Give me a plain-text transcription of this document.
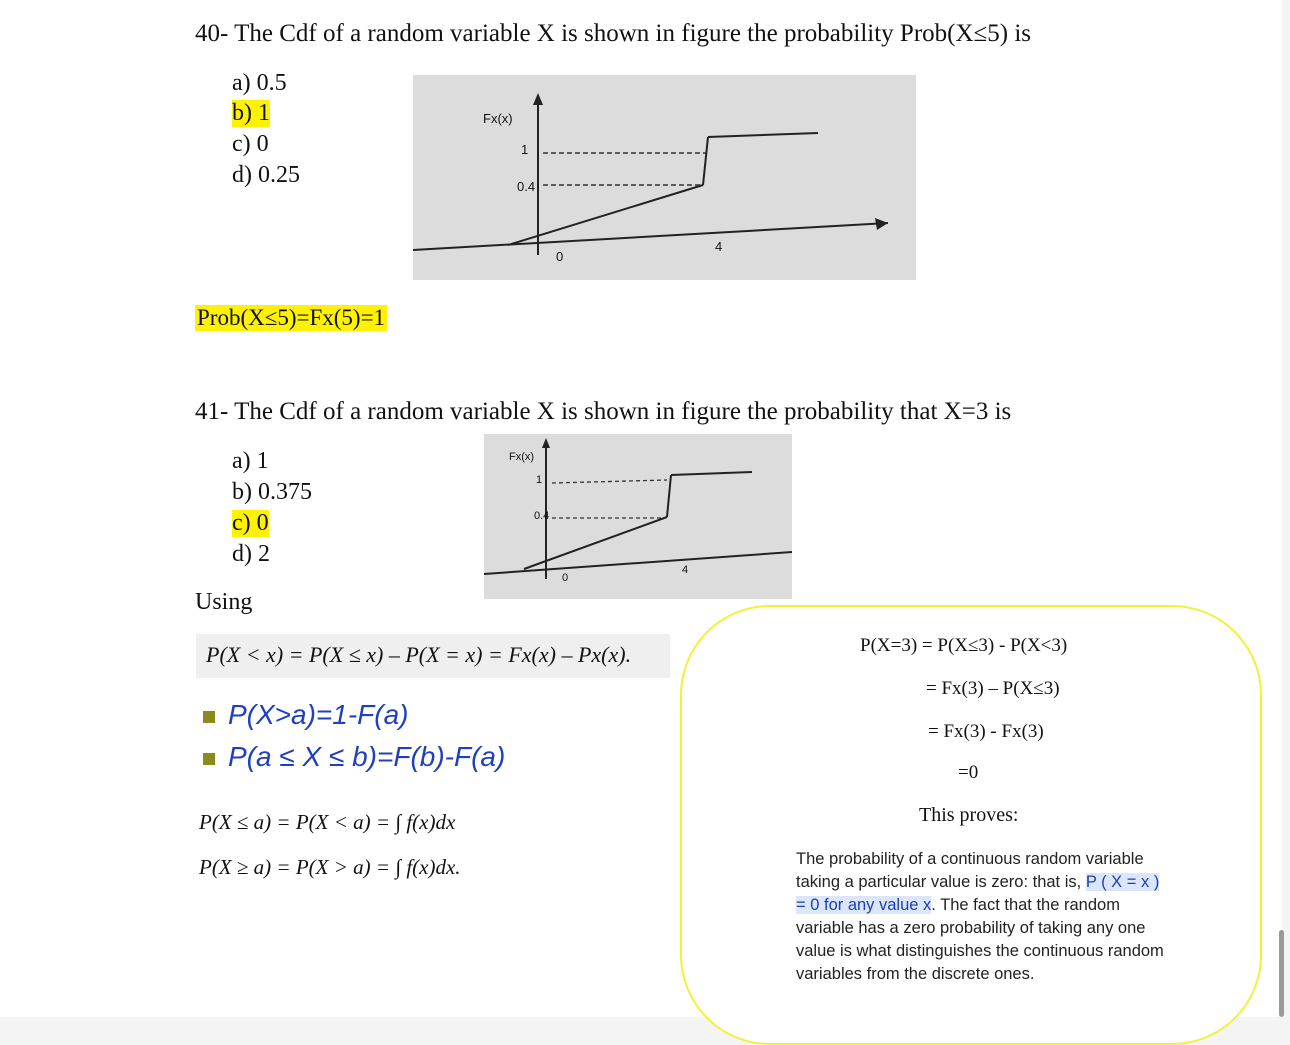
40- The Cdf of a random variable X is shown in figure the probability Prob(X≤5) is
a) 0.5
b) 1
c) 0
d) 0.25
Fx(x)
1
0.4
0
4
Prob(X≤5)=Fx(5)=1
41- The Cdf of a random variable X is shown in figure the probability that X=3 is
a) 1
b) 0.375
c) 0
d) 2
Fx(x)
1
0.4
0
4
Using
P(X < x) = P(X ≤ x) – P(X = x) = Fx(x) – Px(x).
P(X>a)=1-F(a)
P(a ≤ X ≤ b)=F(b)-F(a)
P(X ≤ a) = P(X < a) = ∫ f(x)dx
P(X ≥ a) = P(X > a) = ∫ f(x)dx.
P(X=3) = P(X≤3) - P(X<3)
= Fx(3) – P(X≤3)
= Fx(3) - Fx(3)
=0
This proves:
The probability of a continuous random variable taking a particular value is zero: that is, P ( X = x ) = 0 for any value x. The fact that the random variable has a zero probability of taking any one value is what distinguishes the continuous random variables from the discrete ones.
